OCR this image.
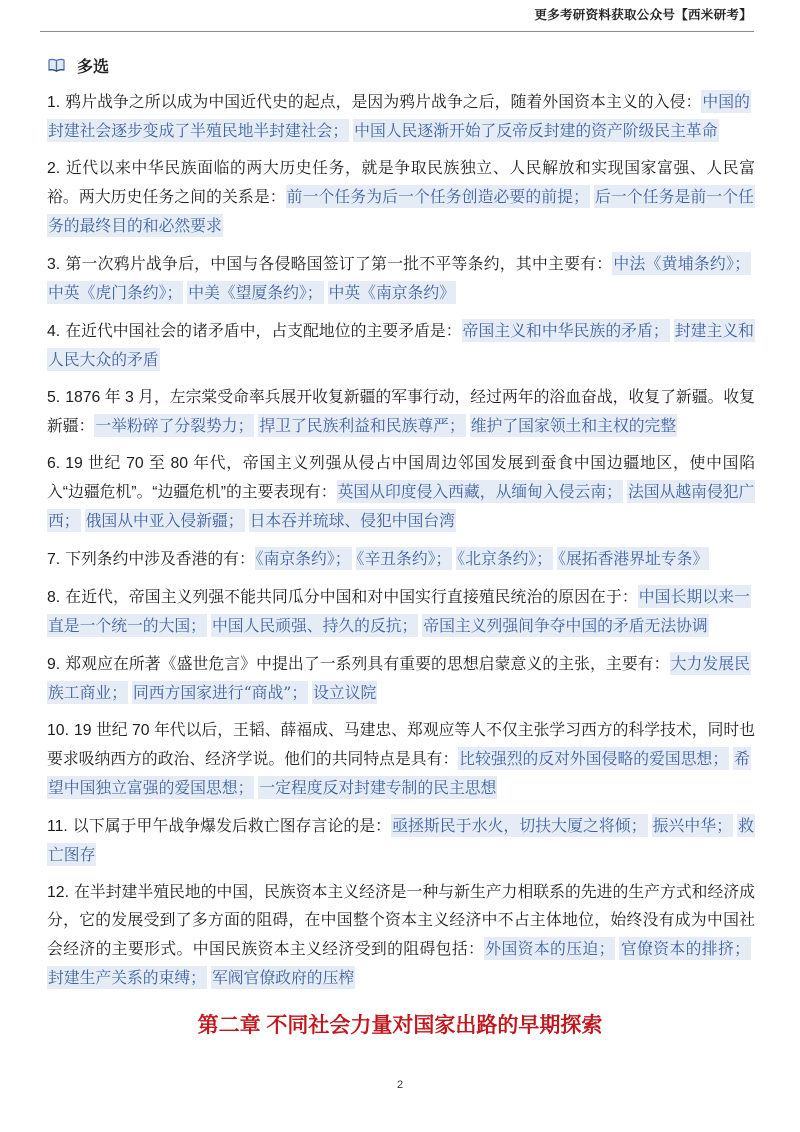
更多考研资料获取公众号【西米研考】
多选

1. 鸦片战争之所以成为中国近代史的起点，是因为鸦片战争之后，随着外国资本主义的入侵：中国的封建社会逐步变成了半殖民地半封建社会； 中国人民逐渐开始了反帝反封建的资产阶级民主革命

2. 近代以来中华民族面临的两大历史任务，就是争取民族独立、人民解放和实现国家富强、人民富裕。两大历史任务之间的关系是：前一个任务为后一个任务创造必要的前提； 后一个任务是前一个任务的最终目的和必然要求

3. 第一次鸦片战争后，中国与各侵略国签订了第一批不平等条约，其中主要有：中法《黄埔条约》；中英《虎门条约》； 中美《望厦条约》； 中英《南京条约》

4. 在近代中国社会的诸矛盾中，占支配地位的主要矛盾是：帝国主义和中华民族的矛盾； 封建主义和人民大众的矛盾

5. 1876 年 3 月，左宗棠受命率兵展开收复新疆的军事行动，经过两年的浴血奋战，收复了新疆。收复新疆：一举粉碎了分裂势力； 捍卫了民族利益和民族尊严； 维护了国家领土和主权的完整

6. 19 世纪 70 至 80 年代，帝国主义列强从侵占中国周边邻国发展到蚕食中国边疆地区，使中国陷入“边疆危机”。“边疆危机”的主要表现有：英国从印度侵入西藏，从缅甸入侵云南； 法国从越南侵犯广西； 俄国从中亚入侵新疆； 日本吞并琉球、侵犯中国台湾

7. 下列条约中涉及香港的有：《南京条约》； 《辛丑条约》； 《北京条约》； 《展拓香港界址专条》

8. 在近代，帝国主义列强不能共同瓜分中国和对中国实行直接殖民统治的原因在于：中国长期以来一直是一个统一的大国； 中国人民顽强、持久的反抗； 帝国主义列强间争夺中国的矛盾无法协调

9. 郑观应在所著《盛世危言》中提出了一系列具有重要的思想启蒙意义的主张，主要有：大力发展民族工商业； 同西方国家进行“商战”； 设立议院

10. 19 世纪 70 年代以后，王韬、薛福成、马建忠、郑观应等人不仅主张学习西方的科学技术，同时也要求吸纳西方的政治、经济学说。他们的共同特点是具有：比较强烈的反对外国侵略的爱国思想； 希望中国独立富强的爱国思想； 一定程度反对封建专制的民主思想

11. 以下属于甲午战争爆发后救亡图存言论的是：亟拯斯民于水火，切扶大厦之将倾； 振兴中华； 救亡图存

12. 在半封建半殖民地的中国，民族资本主义经济是一种与新生产力相联系的先进的生产方式和经济成分，它的发展受到了多方面的阻碍，在中国整个资本主义经济中不占主体地位，始终没有成为中国社会经济的主要形式。中国民族资本主义经济受到的阻碍包括：外国资本的压迫； 官僚资本的排挤；封建生产关系的束缚； 军阀官僚政府的压榨

第二章 不同社会力量对国家出路的早期探索
2
